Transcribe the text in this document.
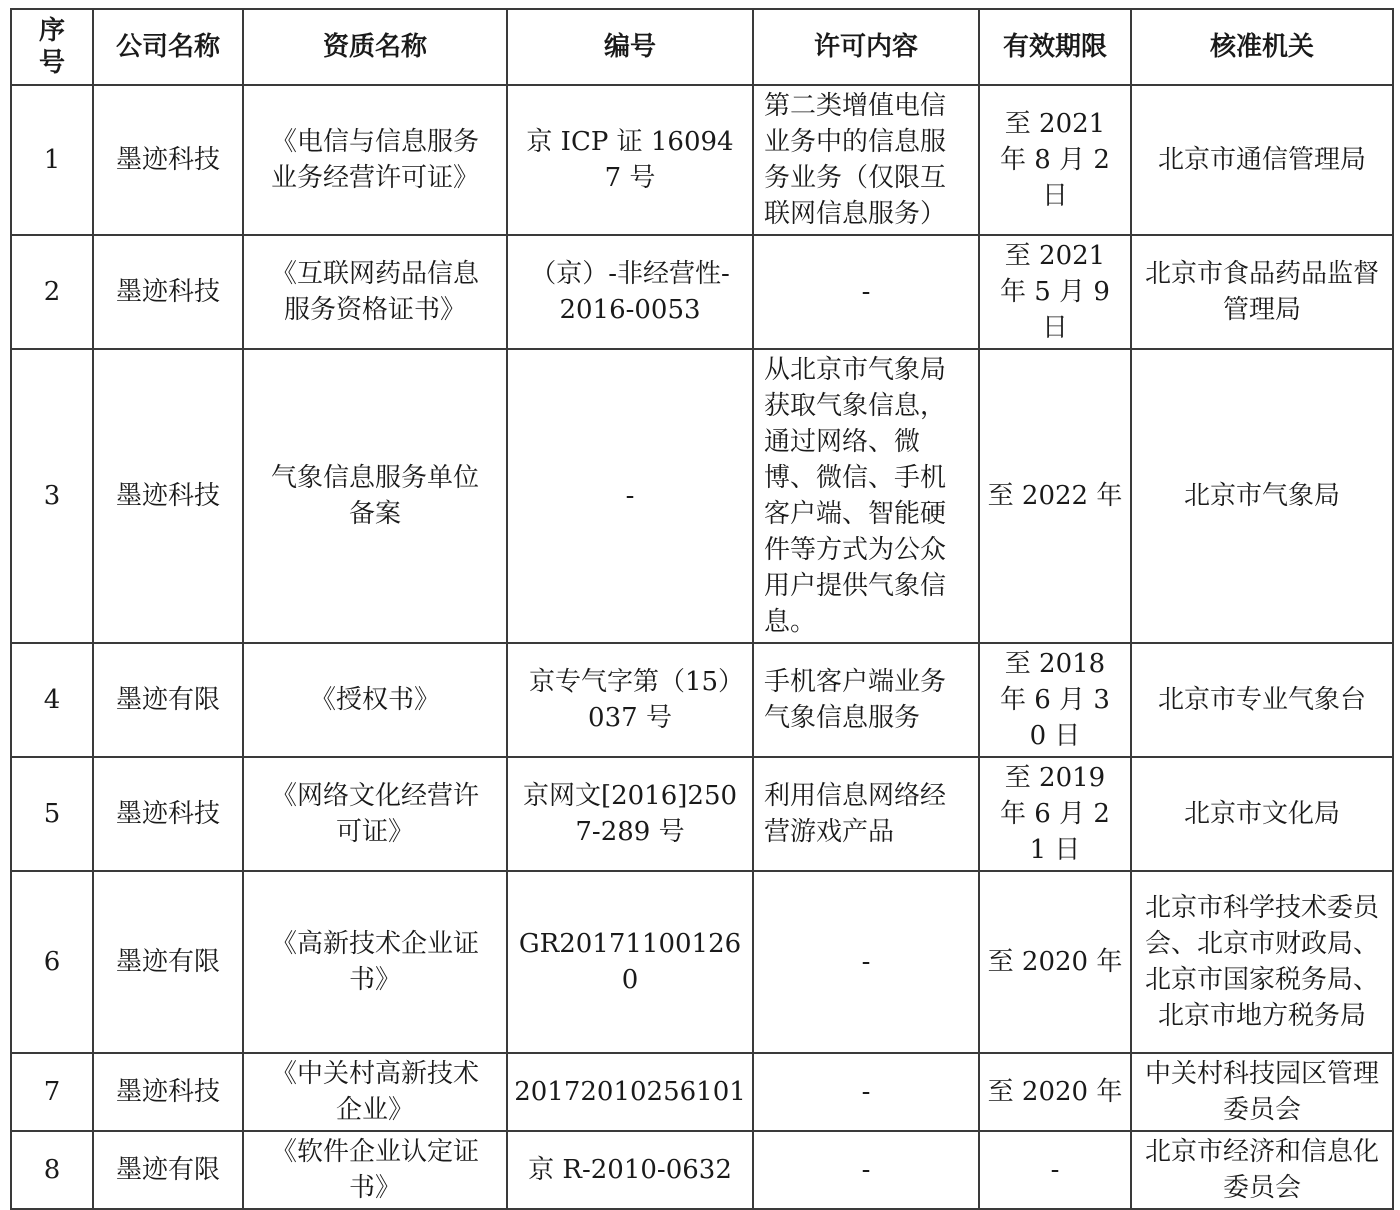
序号	公司名称	资质名称	编号	许可内容	有效期限	核准机关
1	墨迹科技	《电信与信息服务业务经营许可证》	京 ICP 证 160947 号	第二类增值电信业务中的信息服务业务（仅限互联网信息服务）	至 2021 年 8 月 2 日	北京市通信管理局
2	墨迹科技	《互联网药品信息服务资格证书》	（京）-非经营性-2016-0053	-	至 2021 年 5 月 9 日	北京市食品药品监督管理局
3	墨迹科技	气象信息服务单位备案	-	从北京市气象局获取气象信息，通过网络、微博、微信、手机客户端、智能硬件等方式为公众用户提供气象信息。	至 2022 年	北京市气象局
4	墨迹有限	《授权书》	京专气字第（15）037 号	手机客户端业务气象信息服务	至 2018 年 6 月 30 日	北京市专业气象台
5	墨迹科技	《网络文化经营许可证》	京网文[2016]2507-289 号	利用信息网络经营游戏产品	至 2019 年 6 月 21 日	北京市文化局
6	墨迹有限	《高新技术企业证书》	GR201711001260	-	至 2020 年	北京市科学技术委员会、北京市财政局、北京市国家税务局、北京市地方税务局
7	墨迹科技	《中关村高新技术企业》	20172010256101	-	至 2020 年	中关村科技园区管理委员会
8	墨迹有限	《软件企业认定证书》	京 R-2010-0632	-	-	北京市经济和信息化委员会
